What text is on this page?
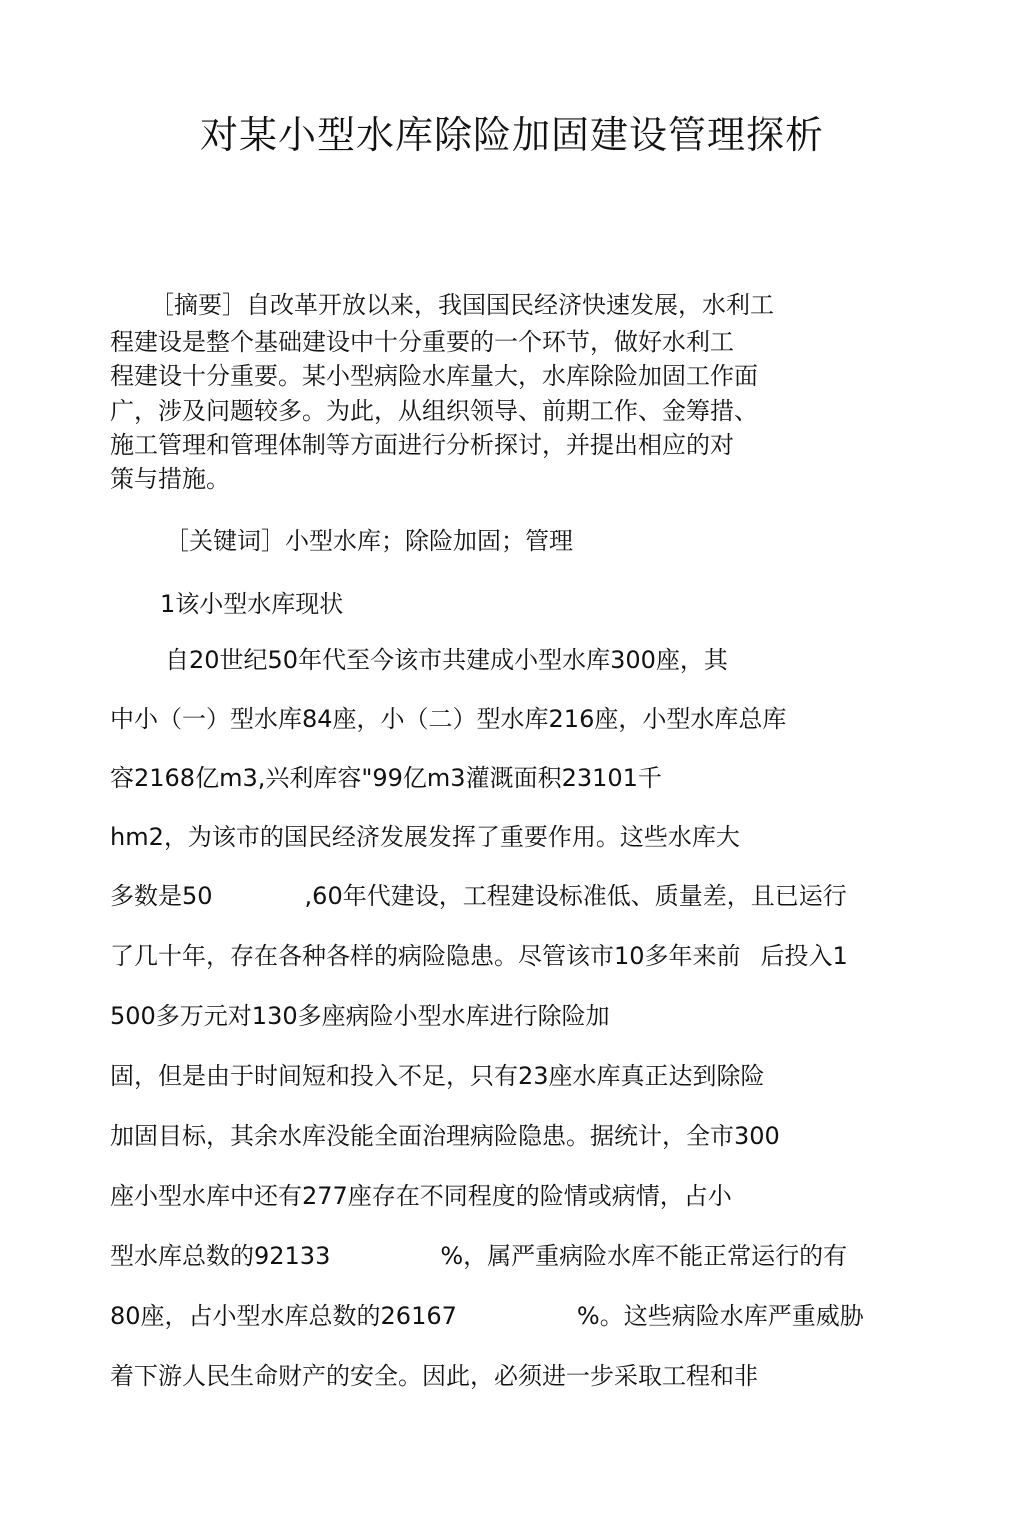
对某小型水库除险加固建设管理探析
［摘要］自改革开放以来，我国国民经济快速发展，水利工
程建设是整个基础建设中十分重要的一个环节，做好水利工
程建设十分重要。某小型病险水库量大，水库除险加固工作面
广，涉及问题较多。为此，从组织领导、前期工作、金筹措、
施工管理和管理体制等方面进行分析探讨，并提出相应的对
策与措施。
［关键词］小型水库；除险加固；管理
1该小型水库现状
自20世纪50年代至今该市共建成小型水库300座，其
中小（一）型水库84座，小（二）型水库216座，小型水库总库
容2168亿m3,兴利库容"99亿m3灌溉面积23101千
hm2，为该市的国民经济发展发挥了重要作用。这些水库大
多数是50	,60年代建设，工程建设标准低、质量差，且已运行
了几十年，存在各种各样的病险隐患。尽管该市10多年来前 后投入1
500多万元对130多座病险小型水库进行除险加
固，但是由于时间短和投入不足，只有23座水库真正达到除险
加固目标，其余水库没能全面治理病险隐患。据统计，全市300
座小型水库中还有277座存在不同程度的险情或病情，占小
型水库总数的92133	%，属严重病险水库不能正常运行的有
80座，占小型水库总数的26167	%。这些病险水库严重威胁
着下游人民生命财产的安全。因此，必须进一步采取工程和非
